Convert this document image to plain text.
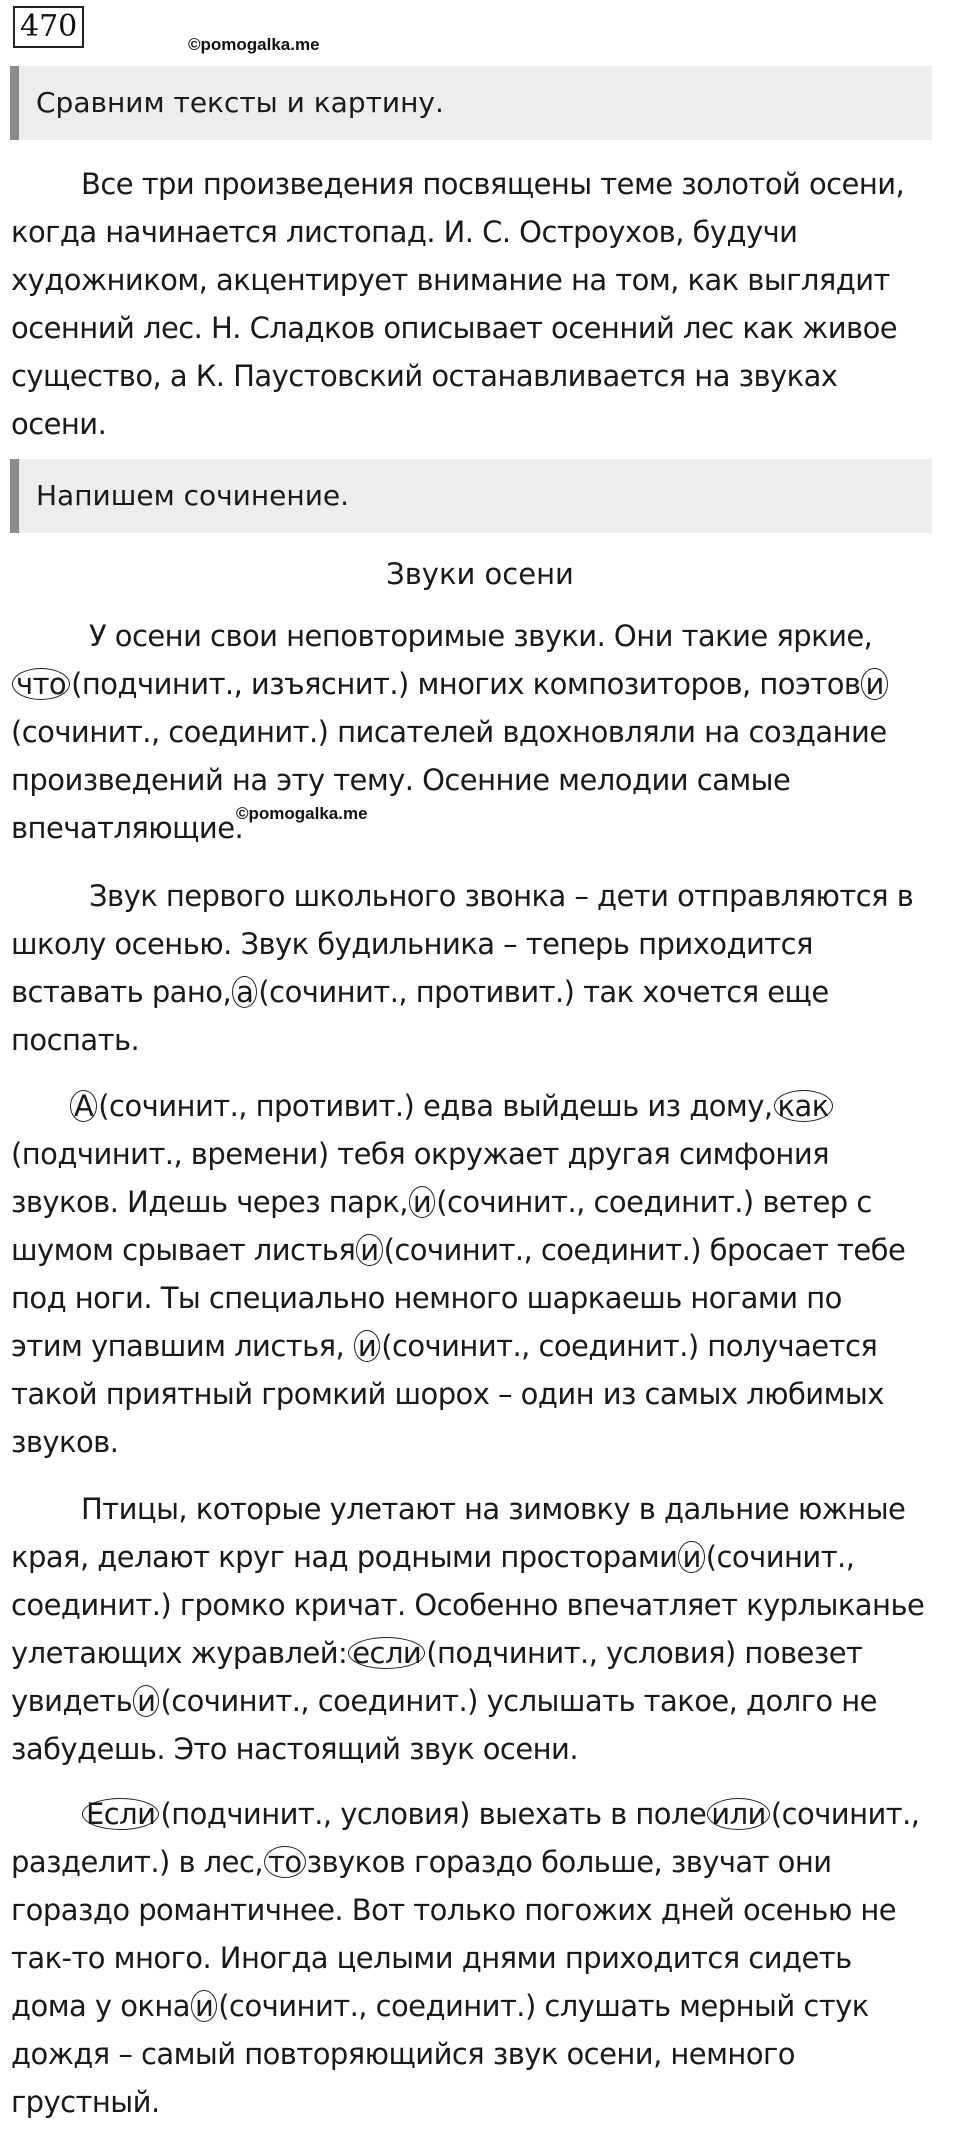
470
©pomogalka.me
©pomogalka.me
Сравним тексты и картину.
Все три произведения посвящены теме золотой осени,
когда начинается листопад. И. С. Остроухов, будучи
художником, акцентирует внимание на том, как выглядит
осенний лес. Н. Сладков описывает осенний лес как живое
существо, а К. Паустовский останавливается на звуках
осени.
Напишем сочинение.
Звуки осени
У осени свои неповторимые звуки. Они такие яркие,
что (подчинит., изъяснит.) многих композиторов, поэтов и
(сочинит., соединит.) писателей вдохновляли на создание
произведений на эту тему. Осенние мелодии самые
впечатляющие.
Звук первого школьного звонка – дети отправляются в
школу осенью. Звук будильника – теперь приходится
вставать рано, а (сочинит., противит.) так хочется еще
поспать.
А (сочинит., противит.) едва выйдешь из дому, как
(подчинит., времени) тебя окружает другая симфония
звуков. Идешь через парк, и (сочинит., соединит.) ветер с
шумом срывает листья и (сочинит., соединит.) бросает тебе
под ноги. Ты специально немного шаркаешь ногами по
этим упавшим листья, и (сочинит., соединит.) получается
такой приятный громкий шорох – один из самых любимых
звуков.
Птицы, которые улетают на зимовку в дальние южные
края, делают круг над родными просторами и (сочинит.,
соединит.) громко кричат. Особенно впечатляет курлыканье
улетающих журавлей: если (подчинит., условия) повезет
увидеть и (сочинит., соединит.) услышать такое, долго не
забудешь. Это настоящий звук осени.
Если (подчинит., условия) выехать в поле или (сочинит.,
разделит.) в лес, то звуков гораздо больше, звучат они
гораздо романтичнее. Вот только погожих дней осенью не
так-то много. Иногда целыми днями приходится сидеть
дома у окна и (сочинит., соединит.) слушать мерный стук
дождя – самый повторяющийся звук осени, немного
грустный.
